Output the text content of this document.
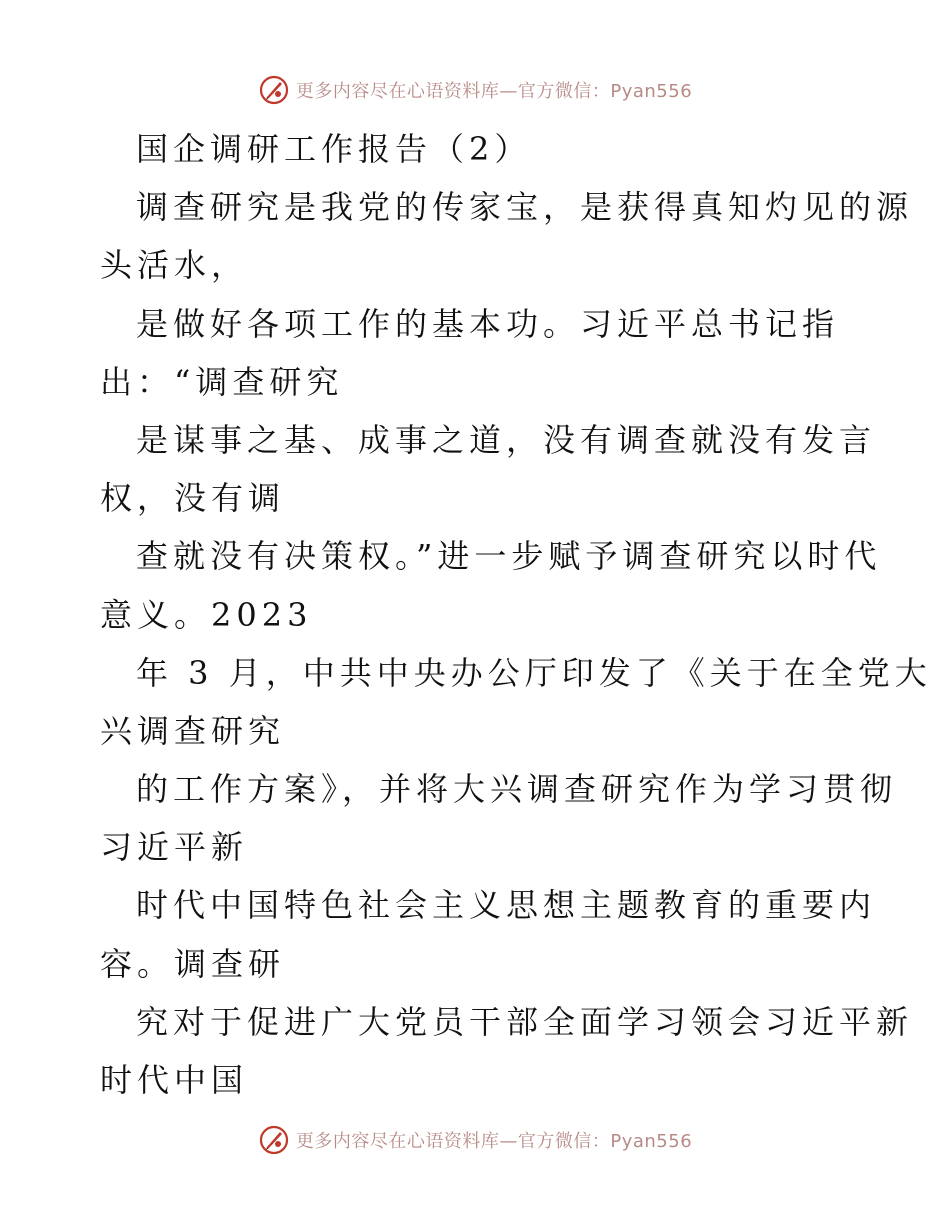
更多内容尽在心语资料库—官方微信：Pyan556
国企调研工作报告（2）
调查研究是我党的传家宝，是获得真知灼见的源
头活水，
是做好各项工作的基本功。习近平总书记指
出：“调查研究
是谋事之基、成事之道，没有调查就没有发言
权，没有调
查就没有决策权。”进一步赋予调查研究以时代
意义。2023
年 3 月，中共中央办公厅印发了《关于在全党大
兴调查研究
的工作方案》，并将大兴调查研究作为学习贯彻
习近平新
时代中国特色社会主义思想主题教育的重要内
容。调查研
究对于促进广大党员干部全面学习领会习近平新
时代中国
更多内容尽在心语资料库—官方微信：Pyan556
